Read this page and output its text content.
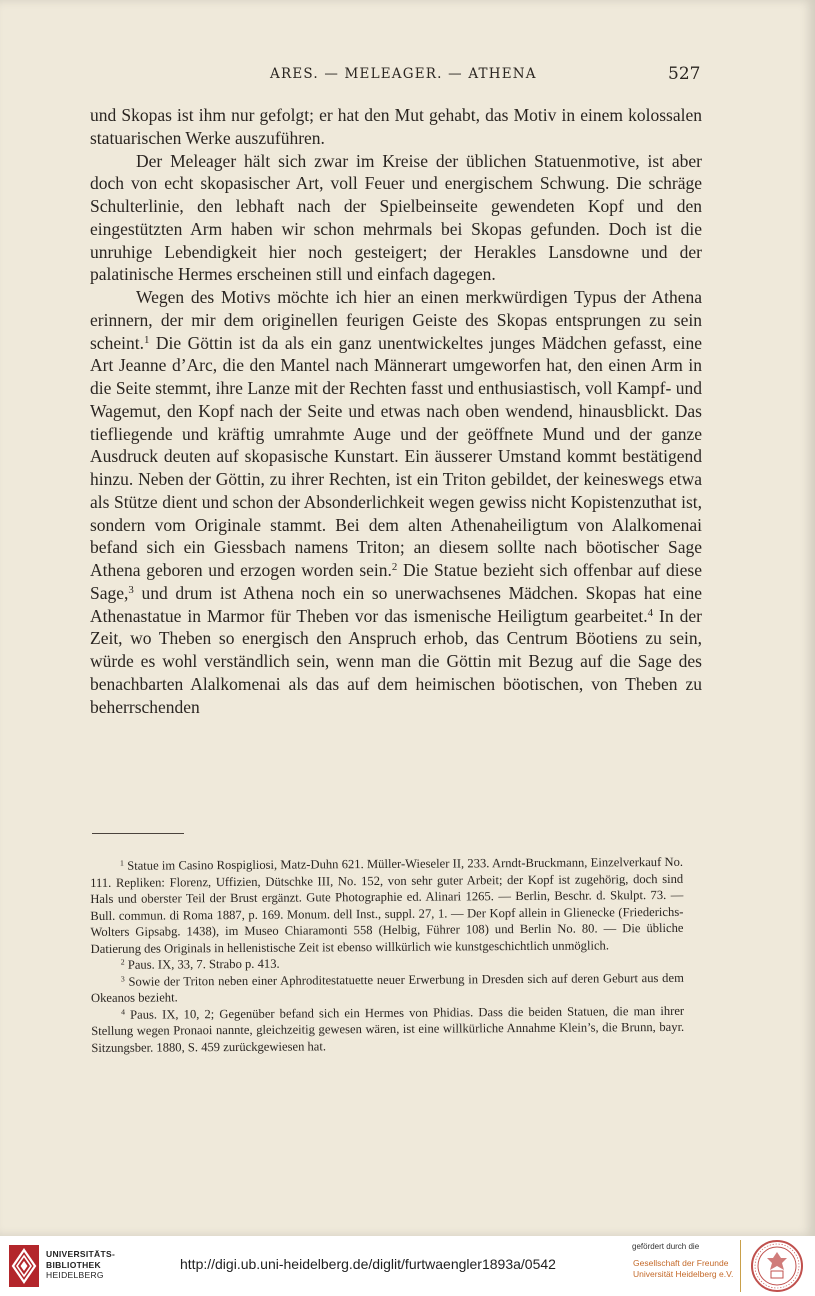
ARES. — MELEAGER. — ATHENA	527

und Skopas ist ihm nur gefolgt; er hat den Mut gehabt, das Motiv in einem kolossalen statuarischen Werke auszuführen.

Der Meleager hält sich zwar im Kreise der üblichen Statuenmotive, ist aber doch von echt skopasischer Art, voll Feuer und energischem Schwung. Die schräge Schulterlinie, den lebhaft nach der Spielbeinseite gewendeten Kopf und den eingestützten Arm haben wir schon mehrmals bei Skopas gefunden. Doch ist die unruhige Lebendigkeit hier noch gesteigert; der Herakles Lansdowne und der palatinische Hermes erscheinen still und einfach dagegen.

Wegen des Motivs möchte ich hier an einen merkwürdigen Typus der Athena erinnern, der mir dem originellen feurigen Geiste des Skopas entsprungen zu sein scheint.$^1$ Die Göttin ist da als ein ganz unentwickeltes junges Mädchen gefasst, eine Art Jeanne d’Arc, die den Mantel nach Männerart umgeworfen hat, den einen Arm in die Seite stemmt, ihre Lanze mit der Rechten fasst und enthusiastisch, voll Kampf- und Wagemut, den Kopf nach der Seite und etwas nach oben wendend, hinausblickt. Das tiefliegende und kräftig umrahmte Auge und der geöffnete Mund und der ganze Ausdruck deuten auf skopasische Kunstart. Ein äusserer Umstand kommt bestätigend hinzu. Neben der Göttin, zu ihrer Rechten, ist ein Triton gebildet, der keineswegs etwa als Stütze dient und schon der Absonderlichkeit wegen gewiss nicht Kopistenzuthat ist, sondern vom Originale stammt. Bei dem alten Athenaheiligtum von Alalkomenai befand sich ein Giessbach namens Triton; an diesem sollte nach böotischer Sage Athena geboren und erzogen worden sein.$^2$ Die Statue bezieht sich offenbar auf diese Sage,$^3$ und drum ist Athena noch ein so unerwachsenes Mädchen. Skopas hat eine Athenastatue in Marmor für Theben vor das ismenische Heiligtum gearbeitet.$^4$ In der Zeit, wo Theben so energisch den Anspruch erhob, das Centrum Böotiens zu sein, würde es wohl verständlich sein, wenn man die Göttin mit Bezug auf die Sage des benachbarten Alalkomenai als das auf dem heimischen böotischen, von Theben zu beherrschenden

$^1$ Statue im Casino Rospigliosi, Matz-Duhn 621. Müller-Wieseler II, 233. Arndt-Bruckmann, Einzelverkauf No. 111. Repliken: Florenz, Uffizien, Dütschke III, No. 152, von sehr guter Arbeit; der Kopf ist zugehörig, doch sind Hals und oberster Teil der Brust ergänzt. Gute Photographie ed. Alinari 1265. — Berlin, Beschr. d. Skulpt. 73. — Bull. commun. di Roma 1887, p. 169. Monum. dell Inst., suppl. 27, 1. — Der Kopf allein in Glienecke (Friederichs-Wolters Gipsabg. 1438), im Museo Chiaramonti 558 (Helbig, Führer 108) und Berlin No. 80. — Die übliche Datierung des Originals in hellenistische Zeit ist ebenso willkürlich wie kunstgeschichtlich unmöglich.

$^2$ Paus. IX, 33, 7. Strabo p. 413.

$^3$ Sowie der Triton neben einer Aphroditestatuette neuer Erwerbung in Dresden sich auf deren Geburt aus dem Okeanos bezieht.

$^4$ Paus. IX, 10, 2; Gegenüber befand sich ein Hermes von Phidias. Dass die beiden Statuen, die man ihrer Stellung wegen Pronaoi nannte, gleichzeitig gewesen wären, ist eine willkürliche Annahme Klein’s, die Brunn, bayr. Sitzungsber. 1880, S. 459 zurückgewiesen hat.

UNIVERSITÄTS-
BIBLIOTHEK
HEIDELBERG
http://digi.ub.uni-heidelberg.de/diglit/furtwaengler1893a/0542
gefördert durch die
Gesellschaft der Freunde
Universität Heidelberg e.V.
